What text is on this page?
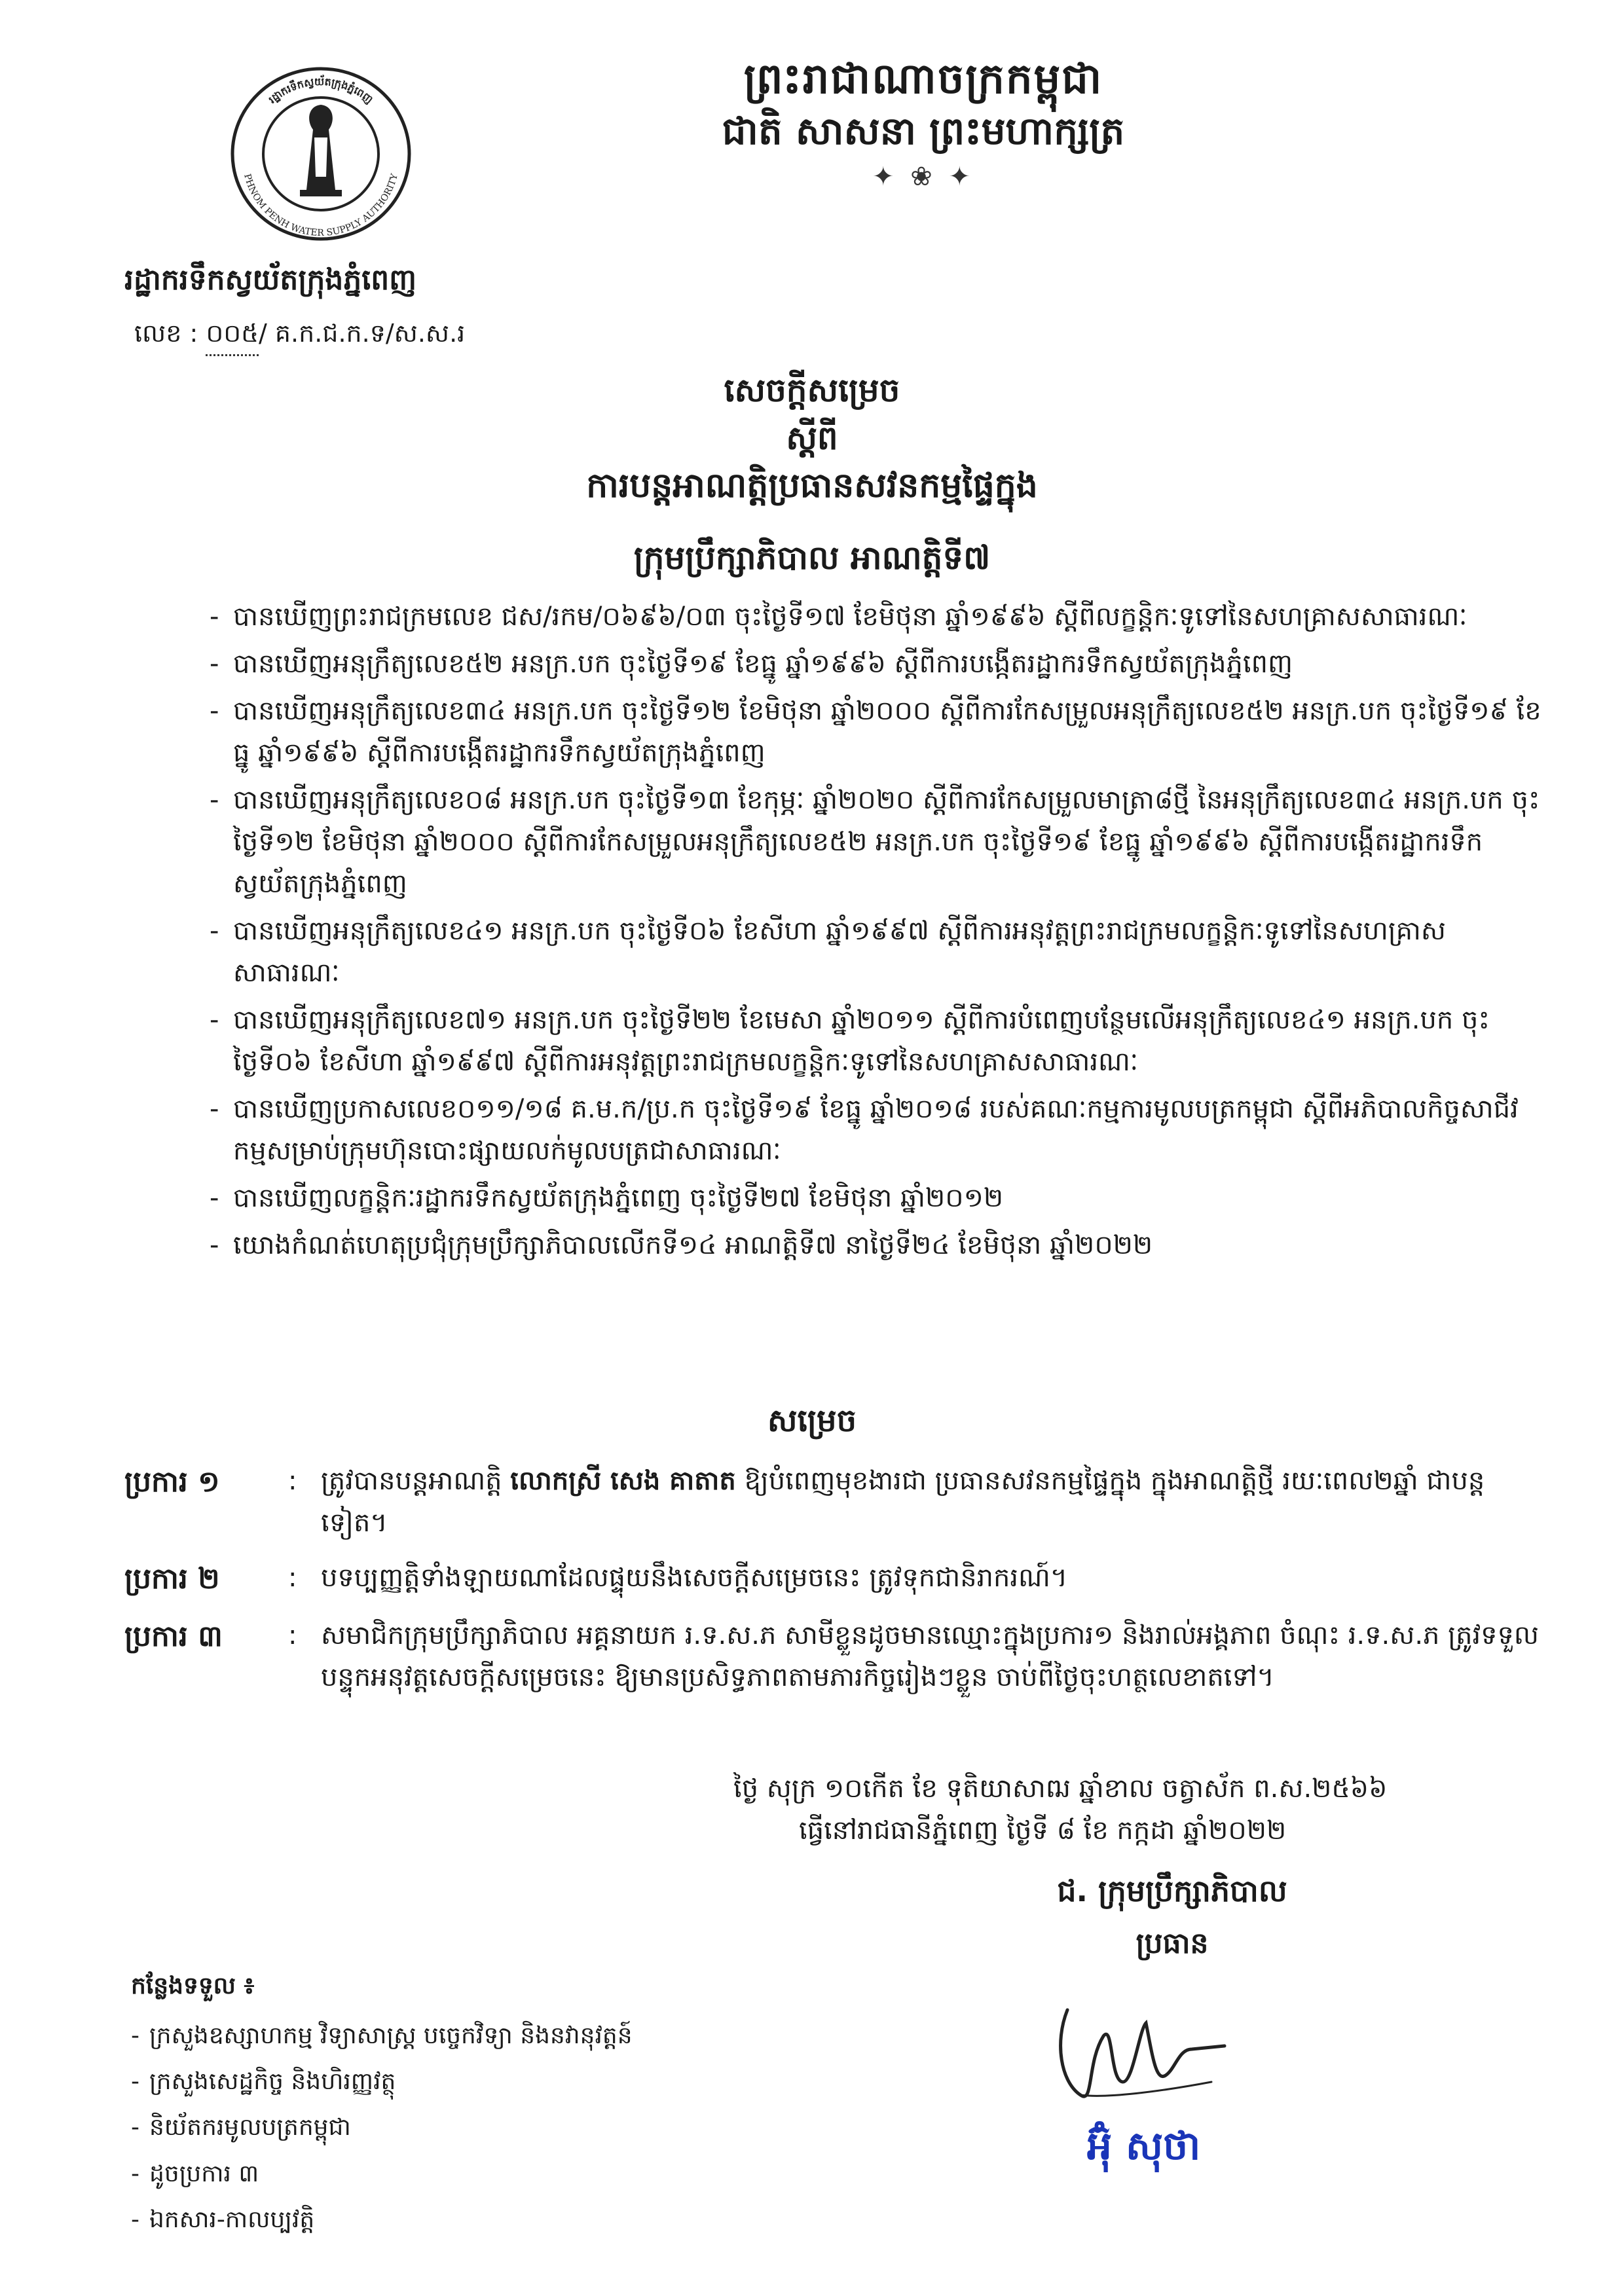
រដ្ឋាករទឹកស្វយ័តក្រុងភ្នំពេញ
PHNOM PENH WATER SUPPLY AUTHORITY
ព្រះរាជាណាចក្រកម្ពុជា
ជាតិ សាសនា ព្រះមហាក្សត្រ
✦ ❀ ✦
រដ្ឋាករទឹកស្វយ័តក្រុងភ្នំពេញ
លេខ : ០០៥/ គ.ក.ជ.ក.ទ/ស.ស.រ
សេចក្តីសម្រេច
ស្តីពី
ការបន្តអាណត្តិប្រធានសវនកម្មផ្ទៃក្នុង
ក្រុមប្រឹក្សាភិបាល អាណត្តិទី៧
- បានឃើញព្រះរាជក្រមលេខ ជស/រកម/០៦៩៦/០៣ ចុះថ្ងៃទី១៧ ខែមិថុនា ឆ្នាំ១៩៩៦ ស្តីពីលក្ខន្តិកៈទូទៅនៃសហគ្រាសសាធារណៈ
- បានឃើញអនុក្រឹត្យលេខ៥២ អនក្រ.បក ចុះថ្ងៃទី១៩ ខែធ្នូ ឆ្នាំ១៩៩៦ ស្តីពីការបង្កើតរដ្ឋាករទឹកស្វយ័តក្រុងភ្នំពេញ
- បានឃើញអនុក្រឹត្យលេខ៣៤ អនក្រ.បក ចុះថ្ងៃទី១២ ខែមិថុនា ឆ្នាំ២០០០ ស្តីពីការកែសម្រួលអនុក្រឹត្យលេខ៥២ អនក្រ.បក ចុះថ្ងៃទី១៩ ខែធ្នូ ឆ្នាំ១៩៩៦ ស្តីពីការបង្កើតរដ្ឋាករទឹកស្វយ័តក្រុងភ្នំពេញ
- បានឃើញអនុក្រឹត្យលេខ០៨ អនក្រ.បក ចុះថ្ងៃទី១៣ ខែកុម្ភៈ ឆ្នាំ២០២០ ស្តីពីការកែសម្រួលមាត្រា៨ថ្មី នៃអនុក្រឹត្យលេខ៣៤ អនក្រ.បក ចុះថ្ងៃទី១២ ខែមិថុនា ឆ្នាំ២០០០ ស្តីពីការកែសម្រួលអនុក្រឹត្យលេខ៥២ អនក្រ.បក ចុះថ្ងៃទី១៩ ខែធ្នូ ឆ្នាំ១៩៩៦ ស្តីពីការបង្កើតរដ្ឋាករទឹកស្វយ័តក្រុងភ្នំពេញ
- បានឃើញអនុក្រឹត្យលេខ៤១ អនក្រ.បក ចុះថ្ងៃទី០៦ ខែសីហា ឆ្នាំ១៩៩៧ ស្តីពីការអនុវត្តព្រះរាជក្រមលក្ខន្តិកៈទូទៅនៃសហគ្រាសសាធារណៈ
- បានឃើញអនុក្រឹត្យលេខ៧១ អនក្រ.បក ចុះថ្ងៃទី២២ ខែមេសា ឆ្នាំ២០១១ ស្តីពីការបំពេញបន្ថែមលើអនុក្រឹត្យលេខ៤១ អនក្រ.បក ចុះថ្ងៃទី០៦ ខែសីហា ឆ្នាំ១៩៩៧ ស្តីពីការអនុវត្តព្រះរាជក្រមលក្ខន្តិកៈទូទៅនៃសហគ្រាសសាធារណៈ
- បានឃើញប្រកាសលេខ០១១/១៨ គ.ម.ក/ប្រ.ក ចុះថ្ងៃទី១៩ ខែធ្នូ ឆ្នាំ២០១៨ របស់គណៈកម្មការមូលបត្រកម្ពុជា ស្តីពីអភិបាលកិច្ចសាជីវកម្មសម្រាប់ក្រុមហ៊ុនបោះផ្សាយលក់មូលបត្រជាសាធារណៈ
- បានឃើញលក្ខន្តិកៈរដ្ឋាករទឹកស្វយ័តក្រុងភ្នំពេញ ចុះថ្ងៃទី២៧ ខែមិថុនា ឆ្នាំ២០១២
- យោងកំណត់ហេតុប្រជុំក្រុមប្រឹក្សាភិបាលលើកទី១៤ អាណត្តិទី៧ នាថ្ងៃទី២៤ ខែមិថុនា ឆ្នាំ២០២២
សម្រេច
ប្រការ ១	: ត្រូវបានបន្តអាណត្តិ លោកស្រី សេង គាតាត ឱ្យបំពេញមុខងារជា ប្រធានសវនកម្មផ្ទៃក្នុង ក្នុងអាណត្តិថ្មី រយៈពេល២ឆ្នាំ ជាបន្តទៀត។
ប្រការ ២	: បទប្បញ្ញត្តិទាំងឡាយណាដែលផ្ទុយនឹងសេចក្តីសម្រេចនេះ ត្រូវទុកជានិរាករណ៍។
ប្រការ ៣	: សមាជិកក្រុមប្រឹក្សាភិបាល អគ្គនាយក រ.ទ.ស.ភ សាមីខ្លួនដូចមានឈ្មោះក្នុងប្រការ១ និងរាល់អង្គភាព ចំណុះ រ.ទ.ស.ភ ត្រូវទទួលបន្ទុកអនុវត្តសេចក្តីសម្រេចនេះ ឱ្យមានប្រសិទ្ធភាពតាមភារកិច្ចរៀងៗខ្លួន ចាប់ពីថ្ងៃចុះហត្ថលេខាតទៅ។
ថ្ងៃ សុក្រ ១០កើត ខែ ទុតិយាសាឍ ឆ្នាំខាល ចត្វាស័ក ព.ស.២៥៦៦
ធ្វើនៅរាជធានីភ្នំពេញ ថ្ងៃទី ៨ ខែ កក្កដា ឆ្នាំ២០២២
ជ. ក្រុមប្រឹក្សាភិបាល
ប្រធាន
អ៊ុំ សុថា
កន្លែងទទួល ៖
- ក្រសួងឧស្សាហកម្ម វិទ្យាសាស្ត្រ បច្ចេកវិទ្យា និងនវានុវត្តន៍
- ក្រសួងសេដ្ឋកិច្ច និងហិរញ្ញវត្ថុ
- និយ័តករមូលបត្រកម្ពុជា
- ដូចប្រការ ៣
- ឯកសារ-កាលប្បវត្តិ
